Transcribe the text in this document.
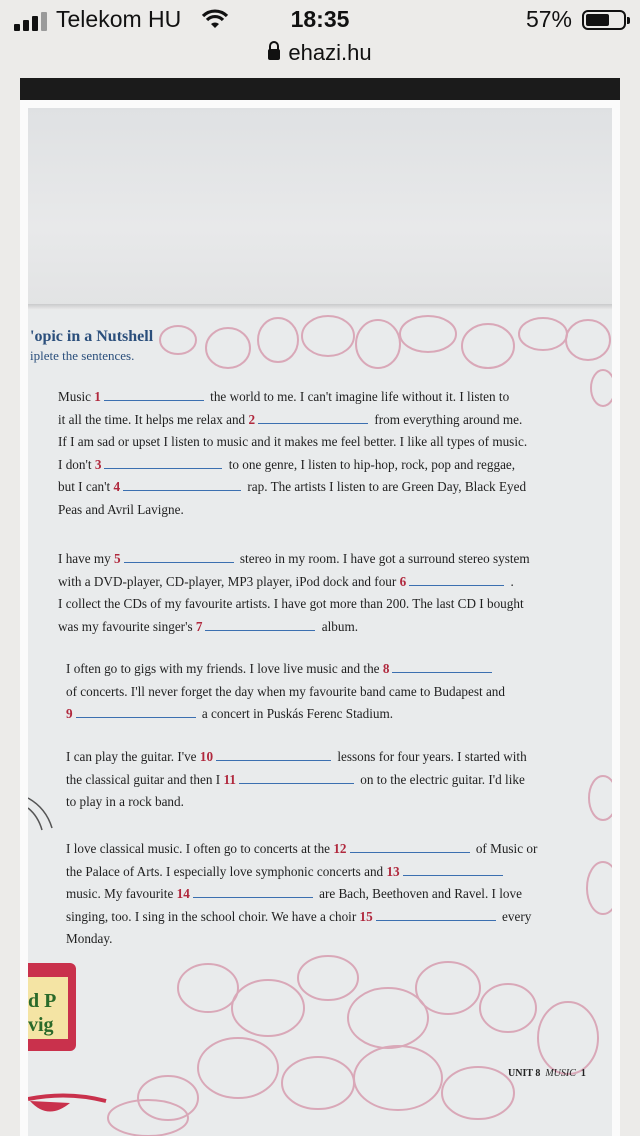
Telekom HU	18:35	57%
ehazi.hu
'opic in a Nutshell
iplete the sentences.
Music 1	the world to me. I can't imagine life without it. I listen to
it all the time. It helps me relax and 2	from everything around me.
If I am sad or upset I listen to music and it makes me feel better. I like all types of music.
I don't 3	to one genre, I listen to hip-hop, rock, pop and reggae,
but I can't 4	rap. The artists I listen to are Green Day, Black Eyed
Peas and Avril Lavigne.
I have my 5	stereo in my room. I have got a surround stereo system
with a DVD-player, CD-player, MP3 player, iPod dock and four 6	.
I collect the CDs of my favourite artists. I have got more than 200. The last CD I bought
was my favourite singer's 7	album.
I often go to gigs with my friends. I love live music and the 8
of concerts. I'll never forget the day when my favourite band came to Budapest and
9	a concert in Puskás Ferenc Stadium.
I can play the guitar. I've 10	lessons for four years. I started with
the classical guitar and then I 11	on to the electric guitar. I'd like
to play in a rock band.
I love classical music. I often go to concerts at the 12	of Music or
the Palace of Arts. I especially love symphonic concerts and 13
music. My favourite 14	are Bach, Beethoven and Ravel. I love
singing, too. I sing in the school choir. We have a choir 15	every
Monday.
d P
vig
UNIT 8 MUSIC 1
